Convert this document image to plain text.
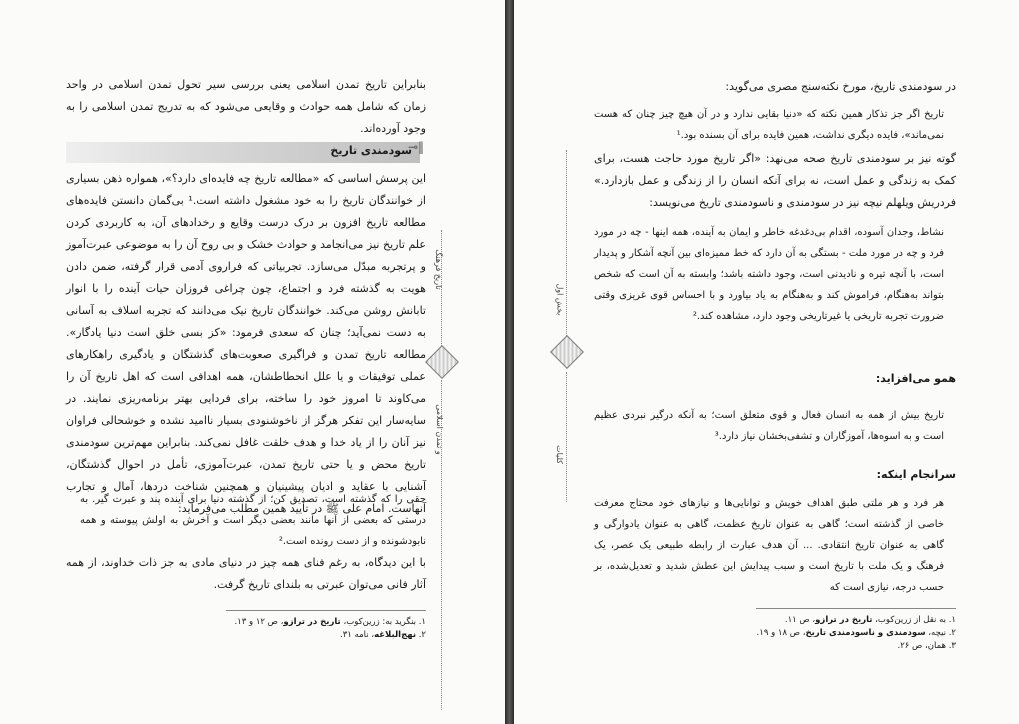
بنابراین تاریخ تمدن اسلامی یعنی بررسی سیر تحول تمدن اسلامی در واحد زمان که شامل همه حوادث و وقایعی می‌شود که به تدریج تمدن اسلامی را به وجود آورده‌اند.

سودمندی تاریخ
⊸‖

این پرسش اساسی که «مطالعه تاریخ چه فایده‌ای دارد؟»، همواره ذهن بسیاری از خوانندگان تاریخ را به خود مشغول داشته است.¹ بی‌گمان دانستن فایده‌های مطالعه تاریخ افزون بر درک درست وقایع و رخدادهای آن، به کاربردی کردن علم تاریخ نیز می‌انجامد و حوادث خشک و بی روح آن را به موضوعی عبرت‌آموز و پرتجربه مبدّل می‌سازد. تجربیاتی که فراروی آدمی قرار گرفته، ضمن دادن هویت به گذشته فرد و اجتماع، چون چراغی فروزان حیات آینده را با انوار تابانش روشن می‌کند. خوانندگان تاریخ نیک می‌دانند که تجربه اسلاف به آسانی به دست نمی‌آید؛ چنان که سعدی فرمود: «کز بسی خلق است دنیا یادگار». مطالعه تاریخ تمدن و فراگیری صعوبت‌های گذشتگان و یادگیری راهکارهای عملی توفیقات و یا علل انحطاطشان، همه اهدافی است که اهل تاریخ آن را می‌کاوند تا امروز خود را ساخته، برای فردایی بهتر برنامه‌ریزی نمایند. در سایه‌سار این تفکر هرگز از ناخوشنودی بسیار ناامید نشده و خوشحالی فراوان نیز آنان را از یاد خدا و هدف خلقت غافل نمی‌کند. بنابراین مهم‌ترین سودمندی تاریخ محض و یا حتی تاریخ تمدن، عبرت‌آموزی، تأمل در احوال گذشتگان، آشنایی با عقاید و ادیان پیشینیان و همچنین شناخت دردها، آمال و تجارب آنهاست. امام علی ﷺ در تأیید همین مطلب می‌فرماید:

حقی را که گذشته است، تصدیق کن؛ از گذشته دنیا برای آینده پند و عبرت گیر. به درستی که بعضی از آنها مانند بعضی دیگر است و آخرش به اولش پیوسته و همه نابودشونده و از دست رونده است.²

با این دیدگاه، به رغم فنای همه چیز در دنیای مادی به جز ذات خداوند، از همه آثار فانی می‌توان عبرتی به بلندای تاریخ گرفت.

۱. بنگرید به: زرین‌کوب، تاریخ در ترازو، ص ۱۲ و ۱۳.

۲. نهج‌البلاغه، نامه ۳۱.

تاریخ فرهنگ
و تمدن اسلامی
بخش اول
کلیات

در سودمندی تاریخ، مورخ نکته‌سنج مصری می‌گوید:

تاریخ اگر جز تذکار همین نکته که «دنیا بقایی ندارد و در آن هیچ چیز چنان که هست نمی‌ماند»، فایده دیگری نداشت، همین فایده برای آن بسنده بود.¹

گوته نیز بر سودمندی تاریخ صحه می‌نهد: «اگر تاریخ مورد حاجت هست، برای کمک به زندگی و عمل است، نه برای آنکه انسان را از زندگی و عمل بازدارد.» فردریش ویلهلم نیچه نیز در سودمندی و ناسودمندی تاریخ می‌نویسد:

نشاط، وجدان آسوده، اقدام بی‌دغدغه خاطر و ایمان به آینده، همه اینها - چه در مورد فرد و چه در مورد ملت - بستگی به آن دارد که خط ممیزه‌ای بین آنچه آشکار و پدیدار است، با آنچه تیره و نادیدنی است، وجود داشته باشد؛ وابسته به آن است که شخص بتواند به‌هنگام، فراموش کند و به‌هنگام به یاد بیاورد و با احساس قوی غریزی وقتی ضرورت تجربه تاریخی یا غیرتاریخی وجود دارد، مشاهده کند.²

همو می‌افزاید:

تاریخ بیش از همه به انسان فعال و قوی متعلق است؛ به آنکه درگیر نبردی عظیم است و به اسوه‌ها، آموزگاران و تشفی‌بخشان نیاز دارد.³

سرانجام اینکه:

هر فرد و هر ملتی طبق اهداف خویش و توانایی‌ها و نیازهای خود محتاج معرفت خاصی از گذشته است؛ گاهی به عنوان تاریخ عظمت، گاهی به عنوان یادوارگی و گاهی به عنوان تاریخ انتقادی. ... آن هدف عبارت از رابطه طبیعی یک عصر، یک فرهنگ و یک ملت با تاریخ است و سبب پیدایش این عطش شدید و تعدیل‌شده، بر حسب درجه، نیازی است که

۱. به نقل از زرین‌کوب، تاریخ در ترازو، ص ۱۱.

۲. نیچه، سودمندی و ناسودمندی تاریخ، ص ۱۸ و ۱۹.

۳. همان، ص ۲۶.
